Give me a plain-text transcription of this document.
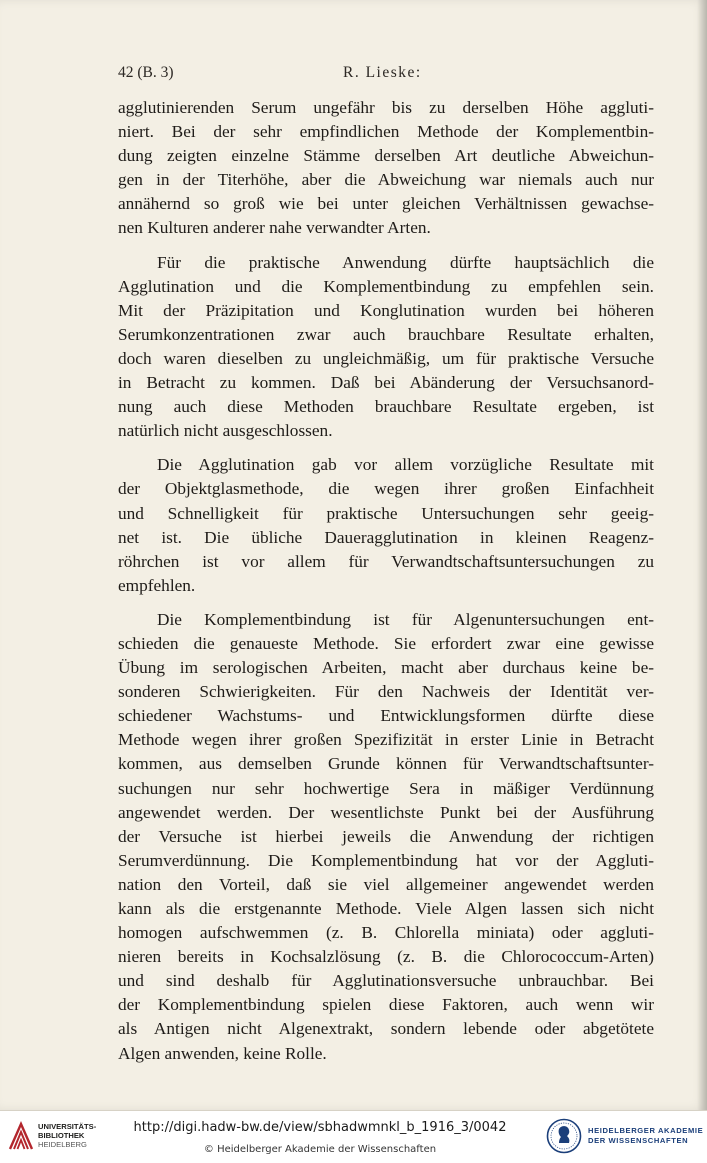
42 (B. 3)	R. Lieske:
agglutinierenden Serum ungefähr bis zu derselben Höhe aggluti-
niert. Bei der sehr empfindlichen Methode der Komplementbin-
dung zeigten einzelne Stämme derselben Art deutliche Abweichun-
gen in der Titerhöhe, aber die Abweichung war niemals auch nur
annähernd so groß wie bei unter gleichen Verhältnissen gewachse-
nen Kulturen anderer nahe verwandter Arten.
Für die praktische Anwendung dürfte hauptsächlich die
Agglutination und die Komplementbindung zu empfehlen sein.
Mit der Präzipitation und Konglutination wurden bei höheren
Serumkonzentrationen zwar auch brauchbare Resultate erhalten,
doch waren dieselben zu ungleichmäßig, um für praktische Versuche
in Betracht zu kommen. Daß bei Abänderung der Versuchsanord-
nung auch diese Methoden brauchbare Resultate ergeben, ist
natürlich nicht ausgeschlossen.
Die Agglutination gab vor allem vorzügliche Resultate mit
der Objektglasmethode, die wegen ihrer großen Einfachheit
und Schnelligkeit für praktische Untersuchungen sehr geeig-
net ist. Die übliche Daueragglutination in kleinen Reagenz-
röhrchen ist vor allem für Verwandtschaftsuntersuchungen zu
empfehlen.
Die Komplementbindung ist für Algenuntersuchungen ent-
schieden die genaueste Methode. Sie erfordert zwar eine gewisse
Übung im serologischen Arbeiten, macht aber durchaus keine be-
sonderen Schwierigkeiten. Für den Nachweis der Identität ver-
schiedener Wachstums- und Entwicklungsformen dürfte diese
Methode wegen ihrer großen Spezifizität in erster Linie in Betracht
kommen, aus demselben Grunde können für Verwandtschaftsunter-
suchungen nur sehr hochwertige Sera in mäßiger Verdünnung
angewendet werden. Der wesentlichste Punkt bei der Ausführung
der Versuche ist hierbei jeweils die Anwendung der richtigen
Serumverdünnung. Die Komplementbindung hat vor der Aggluti-
nation den Vorteil, daß sie viel allgemeiner angewendet werden
kann als die erstgenannte Methode. Viele Algen lassen sich nicht
homogen aufschwemmen (z. B. Chlorella miniata) oder aggluti-
nieren bereits in Kochsalzlösung (z. B. die Chlorococcum-Arten)
und sind deshalb für Agglutinationsversuche unbrauchbar. Bei
der Komplementbindung spielen diese Faktoren, auch wenn wir
als Antigen nicht Algenextrakt, sondern lebende oder abgetötete
Algen anwenden, keine Rolle.
UNIVERSITÄTS-
BIBLIOTHEK
HEIDELBERG
http://digi.hadw-bw.de/view/sbhadwmnkl_b_1916_3/0042
© Heidelberger Akademie der Wissenschaften
HEIDELBERGER AKADEMIE
DER WISSENSCHAFTEN
